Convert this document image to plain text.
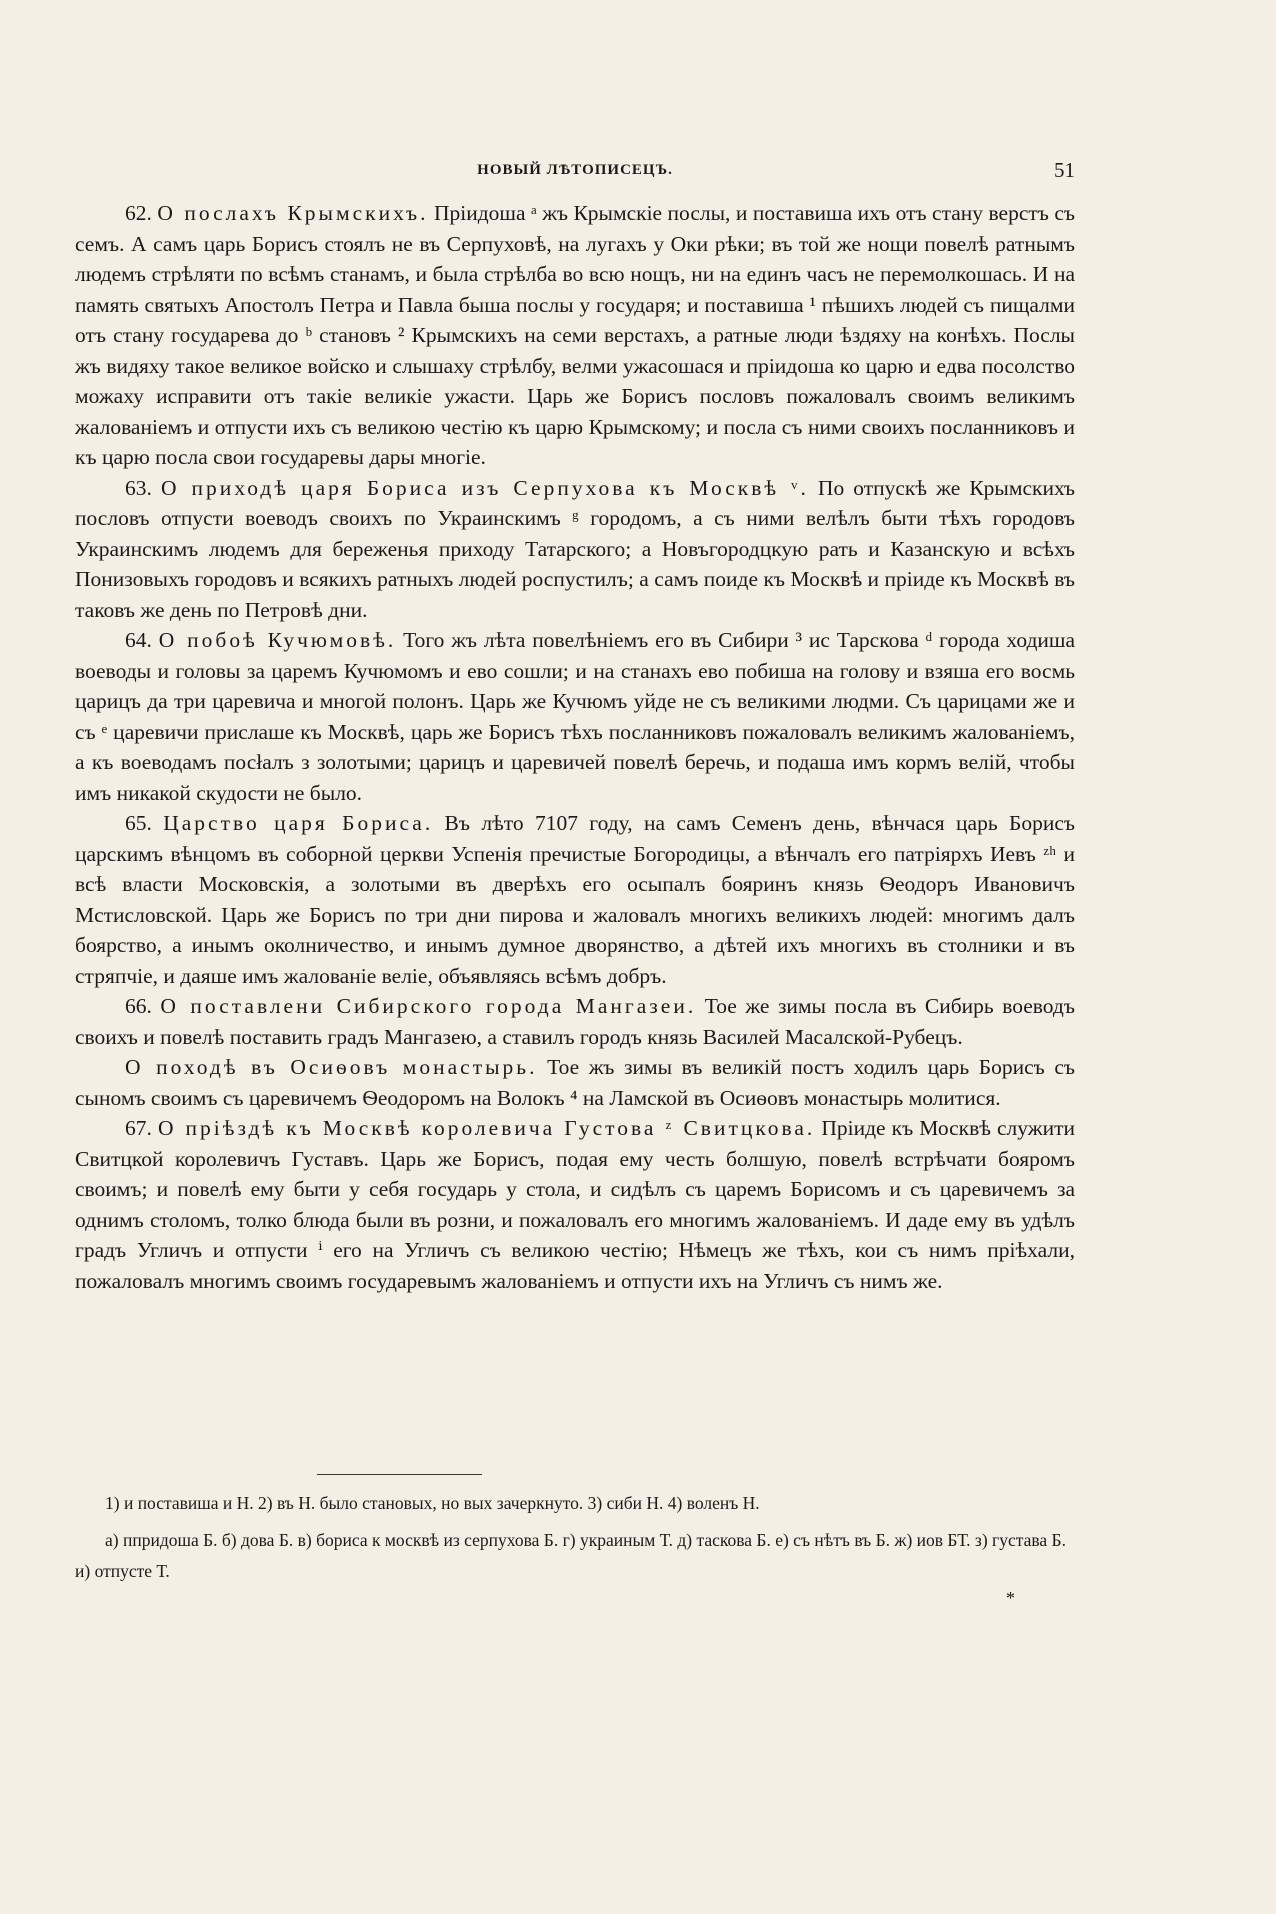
НОВЫЙ ЛѢТОПИСЕЦЪ.	51

62. О послахъ Крымскихъ. Пріидоша ᵃ жъ Крымскіе послы, и поставиша ихъ отъ стану верстъ съ семъ. А самъ царь Борисъ стоялъ не въ Серпуховѣ, на лугахъ у Оки рѣки; въ той же нощи повелѣ ратнымъ людемъ стрѣляти по всѣмъ станамъ, и была стрѣлба во всю нощъ, ни на единъ часъ не перемолкошась. И на память святыхъ Апостолъ Петра и Павла быша послы у государя; и поставиша ¹ пѣшихъ людей съ пищалми отъ стану государева до ᵇ становъ ² Крымскихъ на семи верстахъ, а ратные люди ѣздяху на конѣхъ. Послы жъ видяху такое великое войско и слышаху стрѣлбу, велми ужасошася и пріидоша ко царю и едва посолство можаху исправити отъ такіе великіе ужасти. Царь же Борисъ пословъ пожаловалъ своимъ великимъ жалованіемъ и отпусти ихъ съ великою честію къ царю Крымскому; и посла съ ними своихъ посланниковъ и къ царю посла свои государевы дары многіе.

63. О приходѣ царя Бориса изъ Серпухова къ Москвѣ ᵛ. По отпускѣ же Крымскихъ пословъ отпусти воеводъ своихъ по Украинскимъ ᵍ городомъ, а съ ними велѣлъ быти тѣхъ городовъ Украинскимъ людемъ для береженья приходу Татарского; а Новъгородцкую рать и Казанскую и всѣхъ Понизовыхъ городовъ и всякихъ ратныхъ людей роспустилъ; а самъ поиде къ Москвѣ и пріиде къ Москвѣ въ таковъ же день по Петровѣ дни.

64. О побоѣ Кучюмовѣ. Того жъ лѣта повелѣніемъ его въ Сибири ³ ис Тарскова ᵈ города ходиша воеводы и головы за царемъ Кучюмомъ и ево сошли; и на станахъ ево побиша на голову и взяша его восмь царицъ да три царевича и многой полонъ. Царь же Кучюмъ уйде не съ великими людми. Съ царицами же и съ ᵉ царевичи прислаше къ Москвѣ, царь же Борисъ тѣхъ посланниковъ пожаловалъ великимъ жалованіемъ, а къ воеводамъ посłалъ з золотыми; царицъ и царевичей повелѣ беречь, и подаша имъ кормъ велій, чтобы имъ никакой скудости не было.

65. Царство царя Бориса. Въ лѣто 7107 году, на самъ Семенъ день, вѣнчася царь Борисъ царскимъ вѣнцомъ въ соборной церкви Успенія пречистые Богородицы, а вѣнчалъ его патріярхъ Иевъ ᶻʰ и всѣ власти Московскія, а золотыми въ дверѣхъ его осыпалъ бояринъ князь Ѳеодоръ Ивановичъ Мстисловской. Царь же Борисъ по три дни пирова и жаловалъ многихъ великихъ людей: многимъ далъ боярство, а инымъ околничество, и инымъ думное дворянство, а дѣтей ихъ многихъ въ столники и въ стряпчіе, и даяше имъ жалованіе веліе, объявляясь всѣмъ добръ.

66. О поставлени Сибирского города Мангазеи. Тое же зимы посла въ Сибирь воеводъ своихъ и повелѣ поставить градъ Мангазею, а ставилъ городъ князь Василей Масалской-Рубецъ.

О походѣ въ Осиѳовъ монастырь. Тое жъ зимы въ великій постъ ходилъ царь Борисъ съ сыномъ своимъ съ царевичемъ Ѳеодоромъ на Волокъ ⁴ на Ламской въ Осиѳовъ монастырь молитися.

67. О пріѣздѣ къ Москвѣ королевича Густова ᶻ Свитцкова. Пріиде къ Москвѣ служити Свитцкой королевичъ Густавъ. Царь же Борисъ, подая ему честь болшую, повелѣ встрѣчати бояромъ своимъ; и повелѣ ему быти у себя государь у стола, и сидѣлъ съ царемъ Борисомъ и съ царевичемъ за однимъ столомъ, толко блюда были въ розни, и пожаловалъ его многимъ жалованіемъ. И даде ему въ удѣлъ градъ Угличъ и отпусти ⁱ его на Угличъ съ великою честію; Нѣмецъ же тѣхъ, кои съ нимъ пріѣхали, пожаловалъ многимъ своимъ государевымъ жалованіемъ и отпусти ихъ на Угличъ съ нимъ же.

1) и поставиша и Н. 2) въ Н. было становых, но вых зачеркнуто. 3) сиби Н. 4) воленъ Н.

а) ппридоша Б. б) дова Б. в) бориса к москвѣ из серпухова Б. г) украиным Т. д) таскова Б. е) съ нѣтъ въ Б. ж) иов БТ. з) густава Б. и) отпусте Т.

*
